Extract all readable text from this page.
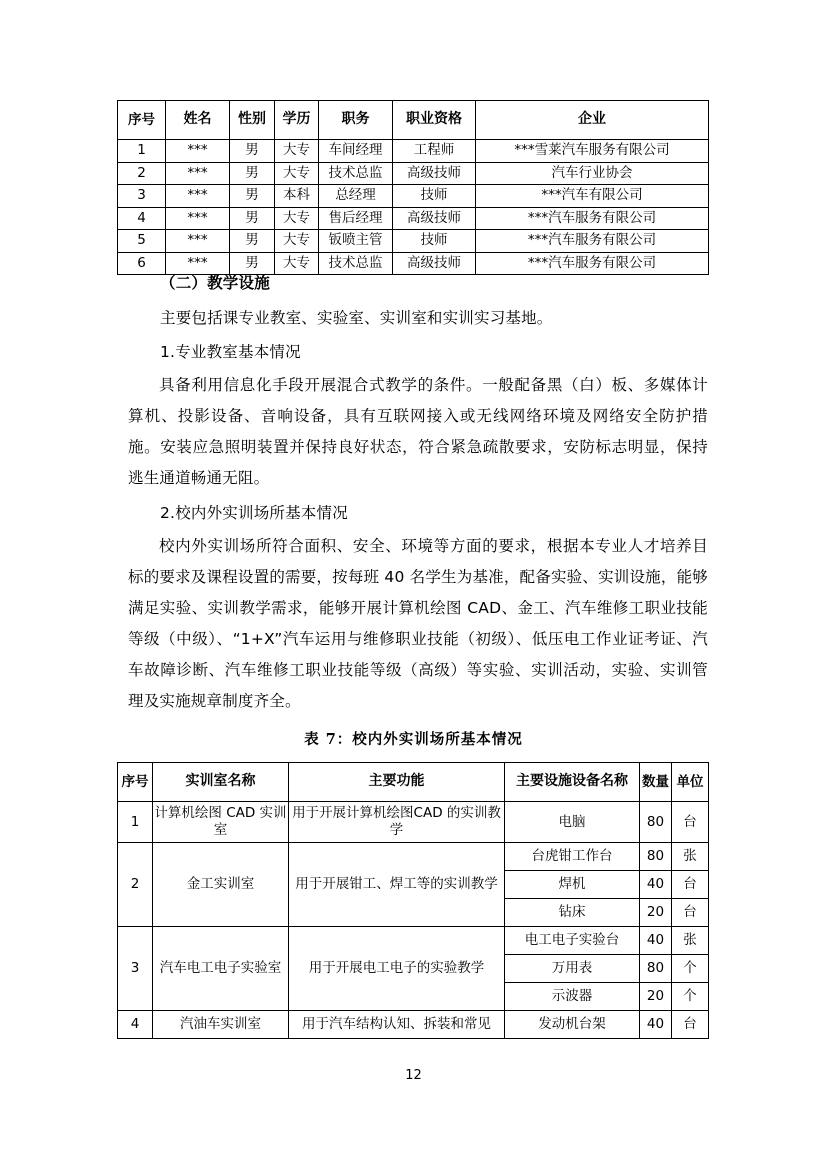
序号	姓名	性别	学历	职务	职业资格	企业
1	***	男	大专	车间经理	工程师	***雪莱汽车服务有限公司
2	***	男	大专	技术总监	高级技师	汽车行业协会
3	***	男	本科	总经理	技师	***汽车有限公司
4	***	男	大专	售后经理	高级技师	***汽车服务有限公司
5	***	男	大专	钣喷主管	技师	***汽车服务有限公司
6	***	男	大专	技术总监	高级技师	***汽车服务有限公司

（二）教学设施

主要包括课专业教室、实验室、实训室和实训实习基地。

1.专业教室基本情况

具备利用信息化手段开展混合式教学的条件。一般配备黑（白）板、多媒体计算机、投影设备、音响设备，具有互联网接入或无线网络环境及网络安全防护措施。安装应急照明装置并保持良好状态，符合紧急疏散要求，安防标志明显，保持逃生通道畅通无阻。

2.校内外实训场所基本情况

校内外实训场所符合面积、安全、环境等方面的要求，根据本专业人才培养目标的要求及课程设置的需要，按每班 40 名学生为基准，配备实验、实训设施，能够满足实验、实训教学需求，能够开展计算机绘图 CAD、金工、汽车维修工职业技能等级（中级）、“1+X”汽车运用与维修职业技能（初级）、低压电工作业证考证、汽车故障诊断、汽车维修工职业技能等级（高级）等实验、实训活动，实验、实训管理及实施规章制度齐全。

表 7：校内外实训场所基本情况
序号	实训室名称	主要功能	主要设施设备名称	数量	单位
1	计算机绘图 CAD 实训室	用于开展计算机绘图CAD 的实训教学	电脑	80	台
2	金工实训室	用于开展钳工、焊工等的实训教学	台虎钳工作台	80	张
			焊机	40	台
			钻床	20	台
3	汽车电工电子实验室	用于开展电工电子的实验教学	电工电子实验台	40	张
			万用表	80	个
			示波器	20	个
4	汽油车实训室	用于汽车结构认知、拆装和常见	发动机台架	40	台
12
